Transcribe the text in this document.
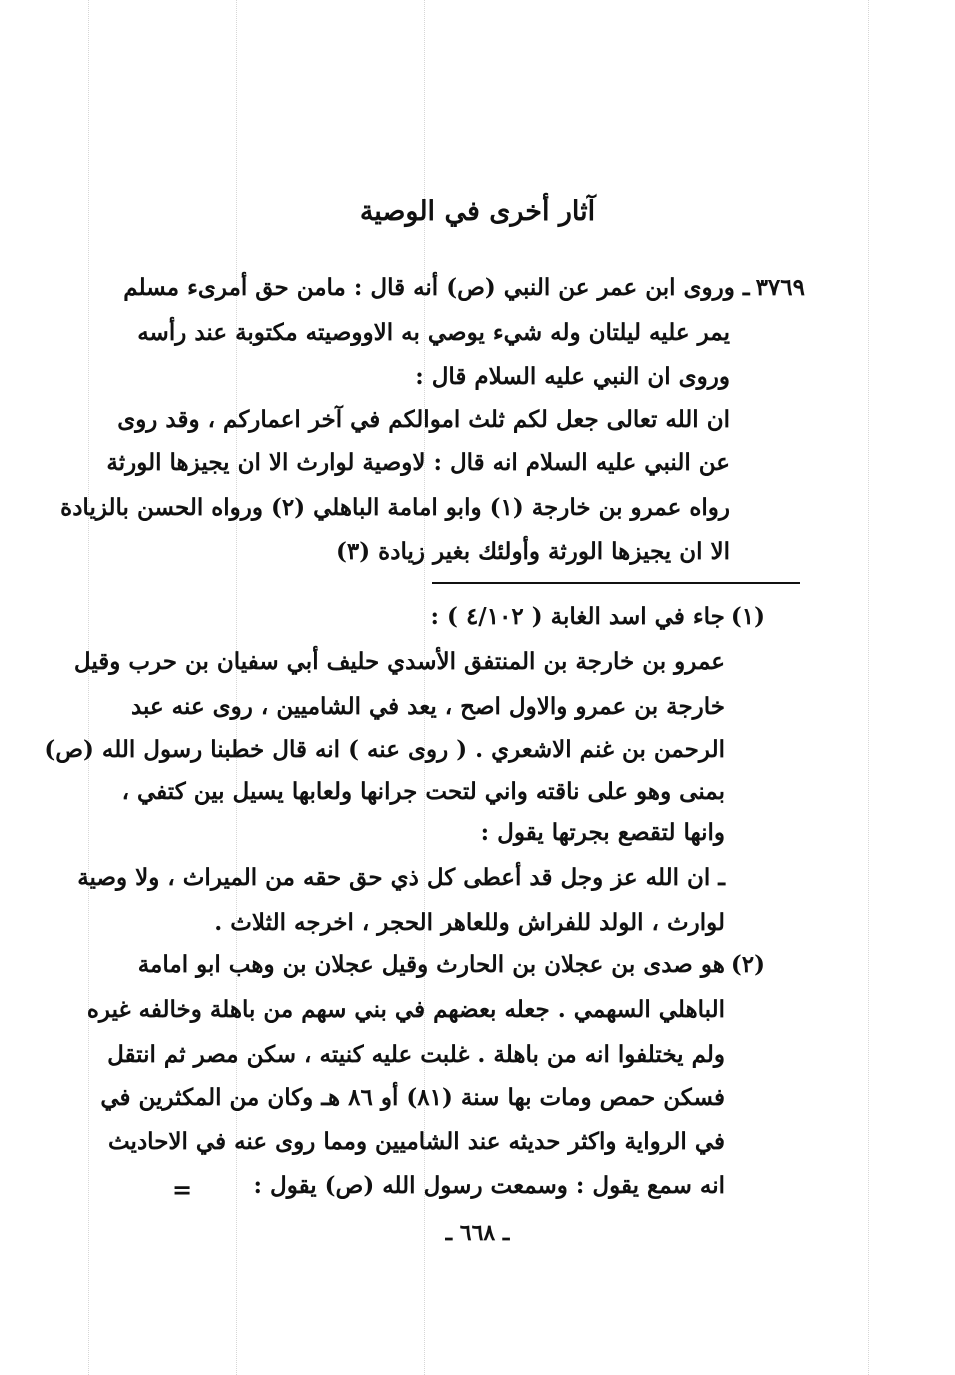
آثار أخرى في الوصية
٣٧٦٩ـ وروى ابن عمر عن النبي (ص) أنه قال : مامن حق أمرىء مسلم
يمر عليه ليلتان وله شيء يوصي به الاووصيته مكتوبة عند رأسه
وروى ان النبي عليه السلام قال :
ان الله تعالى جعل لكم ثلث اموالكم في آخر اعماركم ، وقد روى
عن النبي عليه السلام انه قال : لاوصية لوارث الا ان يجيزها الورثة
رواه عمرو بن خارجة (١) وابو امامة الباهلي (٢) ورواه الحسن بالزيادة
الا ان يجيزها الورثة وأولئك بغير زيادة (٣)
(١)جاء في اسد الغابة ( ٤/١٠٢ ) :
عمرو بن خارجة بن المنتفق الأسدي حليف أبي سفيان بن حرب وقيل
خارجة بن عمرو والاول اصح ، يعد في الشاميين ، روى عنه عبد
الرحمن بن غنم الاشعري . ( روى عنه ) انه قال خطبنا رسول الله (ص)
بمنى وهو على ناقته واني لتحت جرانها ولعابها يسيل بين كتفي ،
وانها لتقصع بجرتها يقول :
ـ ان الله عز وجل قد أعطى كل ذي حق حقه من الميراث ، ولا وصية
لوارث ، الولد للفراش وللعاهر الحجر ، اخرجه الثلاث .
(٢)هو صدى بن عجلان بن الحارث وقيل عجلان بن وهب ابو امامة
الباهلي السهمي . جعله بعضهم في بني سهم من باهلة وخالفه غيره
ولم يختلفوا انه من باهلة . غلبت عليه كنيته ، سكن مصر ثم انتقل
فسكن حمص ومات بها سنة (٨١) أو ٨٦ هـ وكان من المكثرين في
في الرواية واكثر حديثه عند الشاميين ومما روى عنه في الاحاديث
انه سمع يقول : وسمعت رسول الله (ص) يقول :
=
ـ ٦٦٨ ـ
